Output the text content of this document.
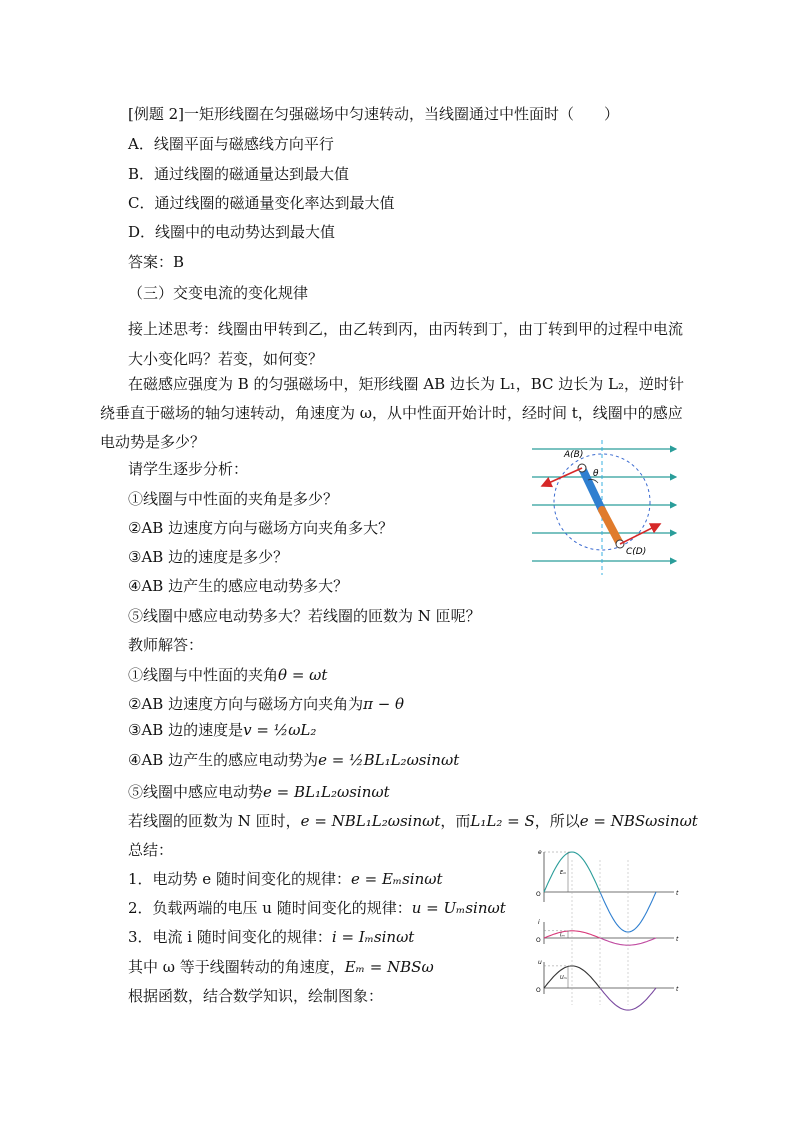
[例题 2]一矩形线圈在匀强磁场中匀速转动，当线圈通过中性面时（　　）
A．线圈平面与磁感线方向平行
B．通过线圈的磁通量达到最大值
C．通过线圈的磁通量变化率达到最大值
D．线圈中的电动势达到最大值
答案：B
（三）交变电流的变化规律
接上述思考：线圈由甲转到乙，由乙转到丙，由丙转到丁，由丁转到甲的过程中电流大小变化吗？若变，如何变？
在磁感应强度为 B 的匀强磁场中，矩形线圈 AB 边长为 L₁，BC 边长为 L₂，逆时针绕垂直于磁场的轴匀速转动，角速度为 ω，从中性面开始计时，经时间 t，线圈中的感应电动势是多少？
请学生逐步分析：
①线圈与中性面的夹角是多少？
②AB 边速度方向与磁场方向夹角多大？
③AB 边的速度是多少？
④AB 边产生的感应电动势多大？
⑤线圈中感应电动势多大？若线圈的匝数为 N 匝呢？
教师解答：
①线圈与中性面的夹角θ = ωt
②AB 边速度方向与磁场方向夹角为π − θ
③AB 边的速度是v = ½ωL₂
④AB 边产生的感应电动势为e = ½BL₁L₂ωsinωt
⑤线圈中感应电动势e = BL₁L₂ωsinωt
若线圈的匝数为 N 匝时，e = NBL₁L₂ωsinωt，而L₁L₂ = S，所以e = NBSωsinωt
总结：
1．电动势 e 随时间变化的规律：e = Eₘsinωt
2．负载两端的电压 u 随时间变化的规律：u = Uₘsinωt
3．电流 i 随时间变化的规律：i = Iₘsinωt
其中 ω 等于线圈转动的角速度，Eₘ = NBSω
根据函数，结合数学知识，绘制图象：
A(B)
C(D)
θ
e
t
O
Eₘ
i
t
O
Iₘ
u
t
O
Uₘ
